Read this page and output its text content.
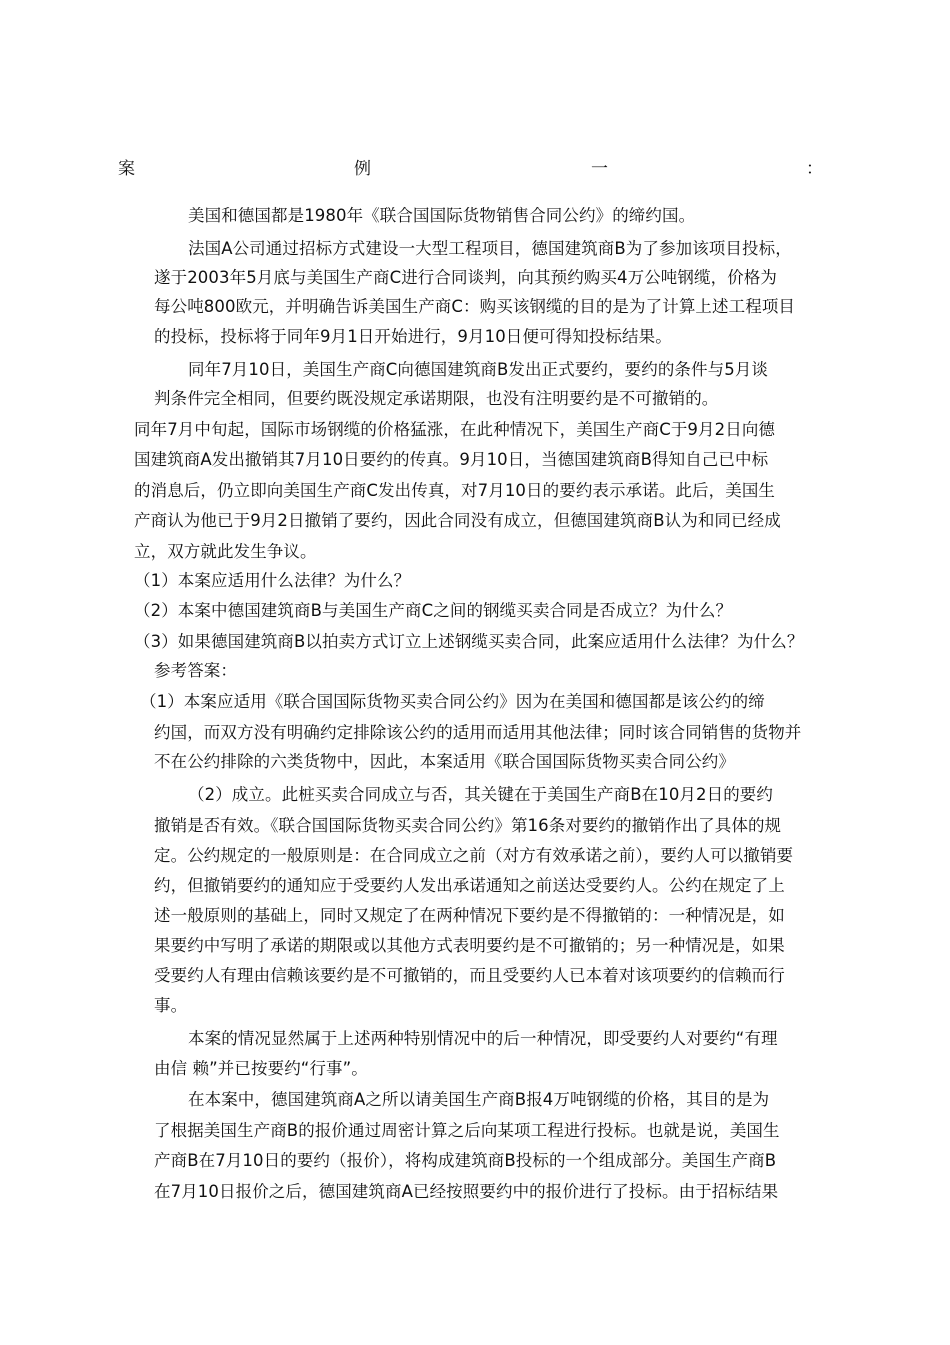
案	例	一	：
美国和德国都是1980年《联合国国际货物销售合同公约》的缔约国。
法国A公司通过招标方式建设一大型工程项目，德国建筑商B为了参加该项目投标，
遂于2003年5月底与美国生产商C进行合同谈判，向其预约购买4万公吨钢缆，价格为
每公吨800欧元，并明确告诉美国生产商C：购买该钢缆的目的是为了计算上述工程项目
的投标，投标将于同年9月1日开始进行，9月10日便可得知投标结果。
同年7月10日，美国生产商C向德国建筑商B发出正式要约，要约的条件与5月谈
判条件完全相同，但要约既没规定承诺期限，也没有注明要约是不可撤销的。
同年7月中旬起，国际市场钢缆的价格猛涨，在此种情况下，美国生产商C于9月2日向德
国建筑商A发出撤销其7月10日要约的传真。9月10日，当德国建筑商B得知自己已中标
的消息后，仍立即向美国生产商C发出传真，对7月10日的要约表示承诺。此后，美国生
产商认为他已于9月2日撤销了要约，因此合同没有成立，但德国建筑商B认为和同已经成
立，双方就此发生争议。
（1）本案应适用什么法律？为什么？
（2）本案中德国建筑商B与美国生产商C之间的钢缆买卖合同是否成立？为什么？
（3）如果德国建筑商B以拍卖方式订立上述钢缆买卖合同，此案应适用什么法律？为什么？
参考答案：
（1）本案应适用《联合国国际货物买卖合同公约》因为在美国和德国都是该公约的缔
约国，而双方没有明确约定排除该公约的适用而适用其他法律；同时该合同销售的货物并
不在公约排除的六类货物中，因此，本案适用《联合国国际货物买卖合同公约》
（2）成立。此桩买卖合同成立与否，其关键在于美国生产商B在10月2日的要约
撤销是否有效。《联合国国际货物买卖合同公约》第16条对要约的撤销作出了具体的规
定。公约规定的一般原则是：在合同成立之前（对方有效承诺之前），要约人可以撤销要
约，但撤销要约的通知应于受要约人发出承诺通知之前送达受要约人。公约在规定了上
述一般原则的基础上，同时又规定了在两种情况下要约是不得撤销的：一种情况是，如
果要约中写明了承诺的期限或以其他方式表明要约是不可撤销的；另一种情况是，如果
受要约人有理由信赖该要约是不可撤销的，而且受要约人已本着对该项要约的信赖而行
事。
本案的情况显然属于上述两种特别情况中的后一种情况，即受要约人对要约“有理
由信 赖”并已按要约“行事”。
在本案中，德国建筑商A之所以请美国生产商B报4万吨钢缆的价格，其目的是为
了根据美国生产商B的报价通过周密计算之后向某项工程进行投标。也就是说，美国生
产商B在7月10日的要约（报价），将构成建筑商B投标的一个组成部分。美国生产商B
在7月10日报价之后，德国建筑商A已经按照要约中的报价进行了投标。由于招标结果
